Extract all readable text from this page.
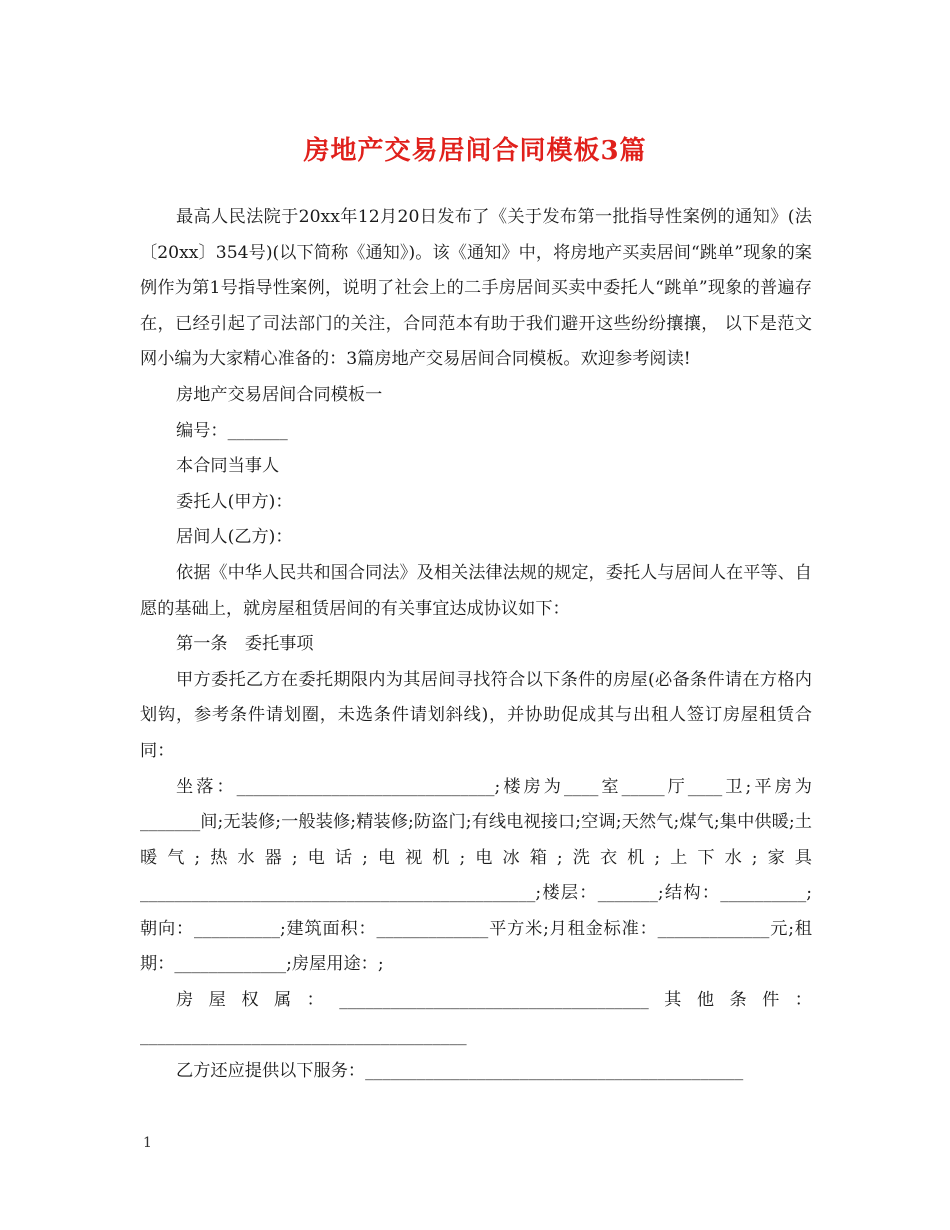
房地产交易居间合同模板3篇

最高人民法院于20xx年12月20日发布了《关于发布第一批指导性案例的通知》(法〔20xx〕354号)(以下简称《通知》)。该《通知》中，将房地产买卖居间“跳单”现象的案例作为第1号指导性案例，说明了社会上的二手房居间买卖中委托人“跳单”现象的普遍存在，已经引起了司法部门的关注，合同范本有助于我们避开这些纷纷攘攘， 以下是范文网小编为大家精心准备的：3篇房地产交易居间合同模板。欢迎参考阅读!

房地产交易居间合同模板一

编号：_______

本合同当事人

委托人(甲方)：

居间人(乙方)：

依据《中华人民共和国合同法》及相关法律法规的规定，委托人与居间人在平等、自愿的基础上，就房屋租赁居间的有关事宜达成协议如下：

第一条　委托事项

甲方委托乙方在委托期限内为其居间寻找符合以下条件的房屋(必备条件请在方格内划钩，参考条件请划圈，未选条件请划斜线)，并协助促成其与出租人签订房屋租赁合同：

坐落：______________________________;楼房为____室_____厅____卫;平房为_______间;无装修;一般装修;精装修;防盗门;有线电视接口;空调;天然气;煤气;集中供暖;土暖气;热水器;电话;电视机;电冰箱;洗衣机;上下水;家具______________________________________________;楼层：_______;结构：__________;朝向：__________;建筑面积：_____________平方米;月租金标准：_____________元;租期：_____________;房屋用途：;

房屋权属：____________________________________其他条件：______________________________________

乙方还应提供以下服务：____________________________________________

1
